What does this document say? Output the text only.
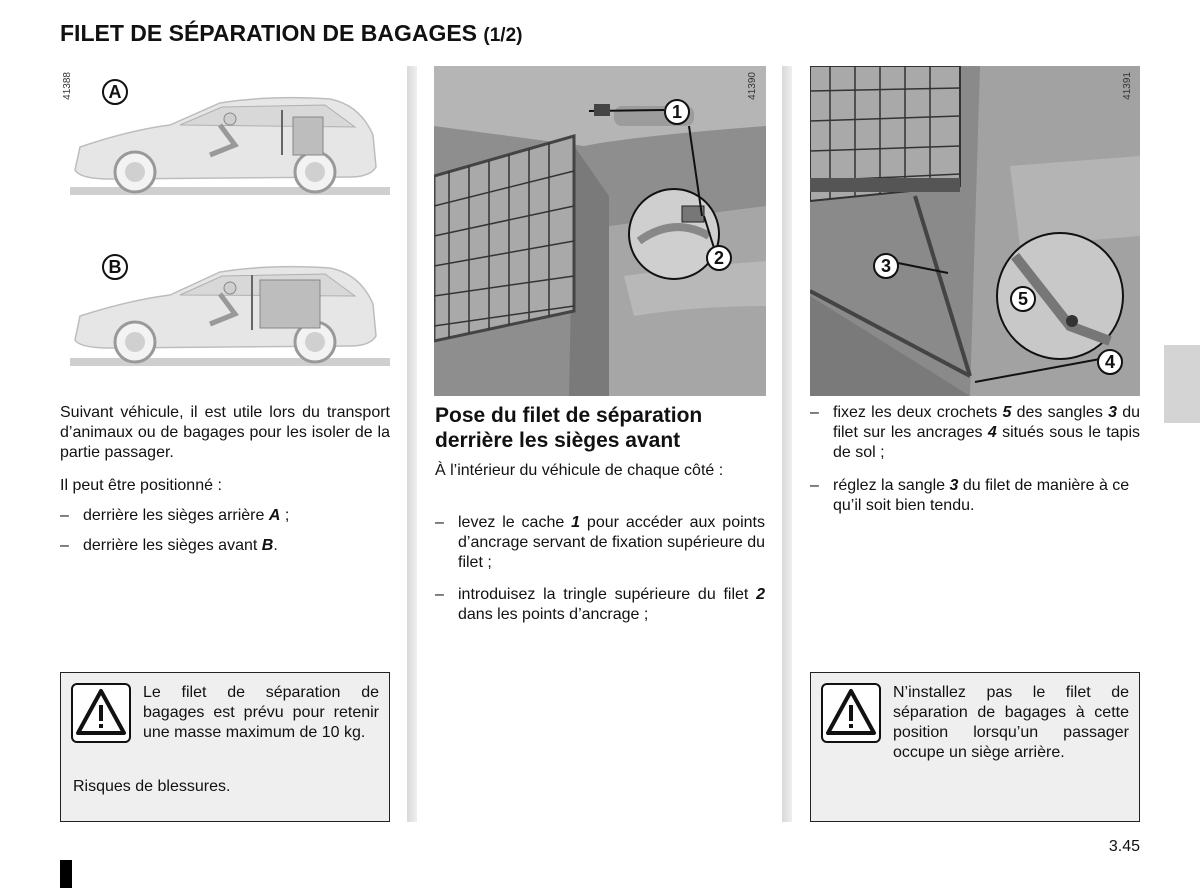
FILET DE SÉPARATION DE BAGAGES (1/2)
41388	A
B
Suivant véhicule, il est utile lors du transport d’animaux ou de bagages pour les isoler de la partie passager.
Il peut être positionné :
– derrière les sièges arrière A ;
– derrière les sièges avant B.
Le filet de séparation de bagages est prévu pour retenir une masse maximum de 10 kg.
Risques de blessures.
41390
1
2
Pose du filet de séparation derrière les sièges avant
À l’intérieur du véhicule de chaque côté :
– levez le cache 1 pour accéder aux points d’ancrage servant de fixation supérieure du filet ;
– introduisez la tringle supérieure du filet 2 dans les points d’ancrage ;
41391
3
4
5
– fixez les deux crochets 5 des sangles 3 du filet sur les ancrages 4 situés sous le tapis de sol ;
– réglez la sangle 3 du filet de manière à ce qu’il soit bien tendu.
N’installez pas le filet de séparation de bagages à cette position lorsqu’un passager occupe un siège arrière.
3.45
